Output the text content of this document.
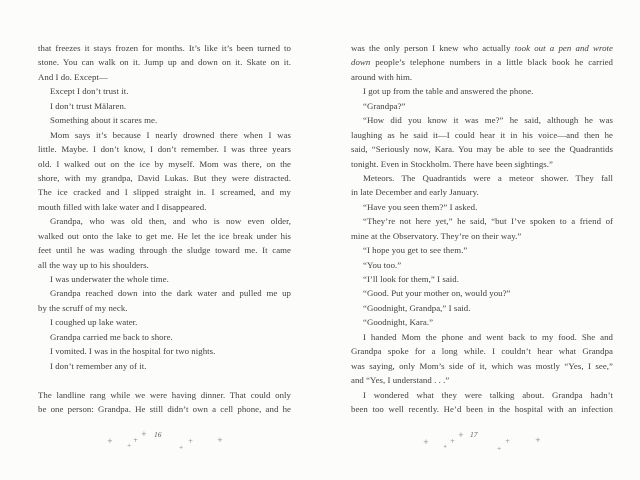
that freezes it stays frozen for months. It’s like it’s been turned to
stone. You can walk on it. Jump up and down on it. Skate on it.
And I do. Except—
Except I don’t trust it.
I don’t trust Mälaren.
Something about it scares me.
Mom says it’s because I nearly drowned there when I was
little. Maybe. I don’t know, I don’t remember. I was three years
old. I walked out on the ice by myself. Mom was there, on the
shore, with my grandpa, David Lukas. But they were distracted.
The ice cracked and I slipped straight in. I screamed, and my
mouth filled with lake water and I disappeared.
Grandpa, who was old then, and who is now even older,
walked out onto the lake to get me. He let the ice break under his
feet until he was wading through the sludge toward me. It came
all the way up to his shoulders.
I was underwater the whole time.
Grandpa reached down into the dark water and pulled me up
by the scruff of my neck.
I coughed up lake water.
Grandpa carried me back to shore.
I vomited. I was in the hospital for two nights.
I don’t remember any of it.

The landline rang while we were having dinner. That could only
be one person: Grandpa. He still didn’t own a cell phone, and he
was the only person I knew who actually took out a pen and wrote
down people’s telephone numbers in a little black book he carried
around with him.
I got up from the table and answered the phone.
“Grandpa?”
“How did you know it was me?” he said, although he was
laughing as he said it—I could hear it in his voice—and then he
said, “Seriously now, Kara. You may be able to see the Quadrantids
tonight. Even in Stockholm. There have been sightings.”
Meteors. The Quadrantids were a meteor shower. They fall
in late December and early January.
“Have you seen them?” I asked.
“They’re not here yet,” he said, “but I’ve spoken to a friend of
mine at the Observatory. They’re on their way.”
“I hope you get to see them.”
“You too.”
“I’ll look for them,” I said.
“Good. Put your mother on, would you?”
“Goodnight, Grandpa,” I said.
“Goodnight, Kara.”
I handed Mom the phone and went back to my food. She and
Grandpa spoke for a long while. I couldn’t hear what Grandpa
was saying, only Mom’s side of it, which was mostly “Yes, I see,”
and “Yes, I understand . . .”
I wondered what they were talking about. Grandpa hadn’t
been too well recently. He’d been in the hospital with an infection
16
+
+
+
+
+
+	+
17
+
+
+
+
+
+	+
